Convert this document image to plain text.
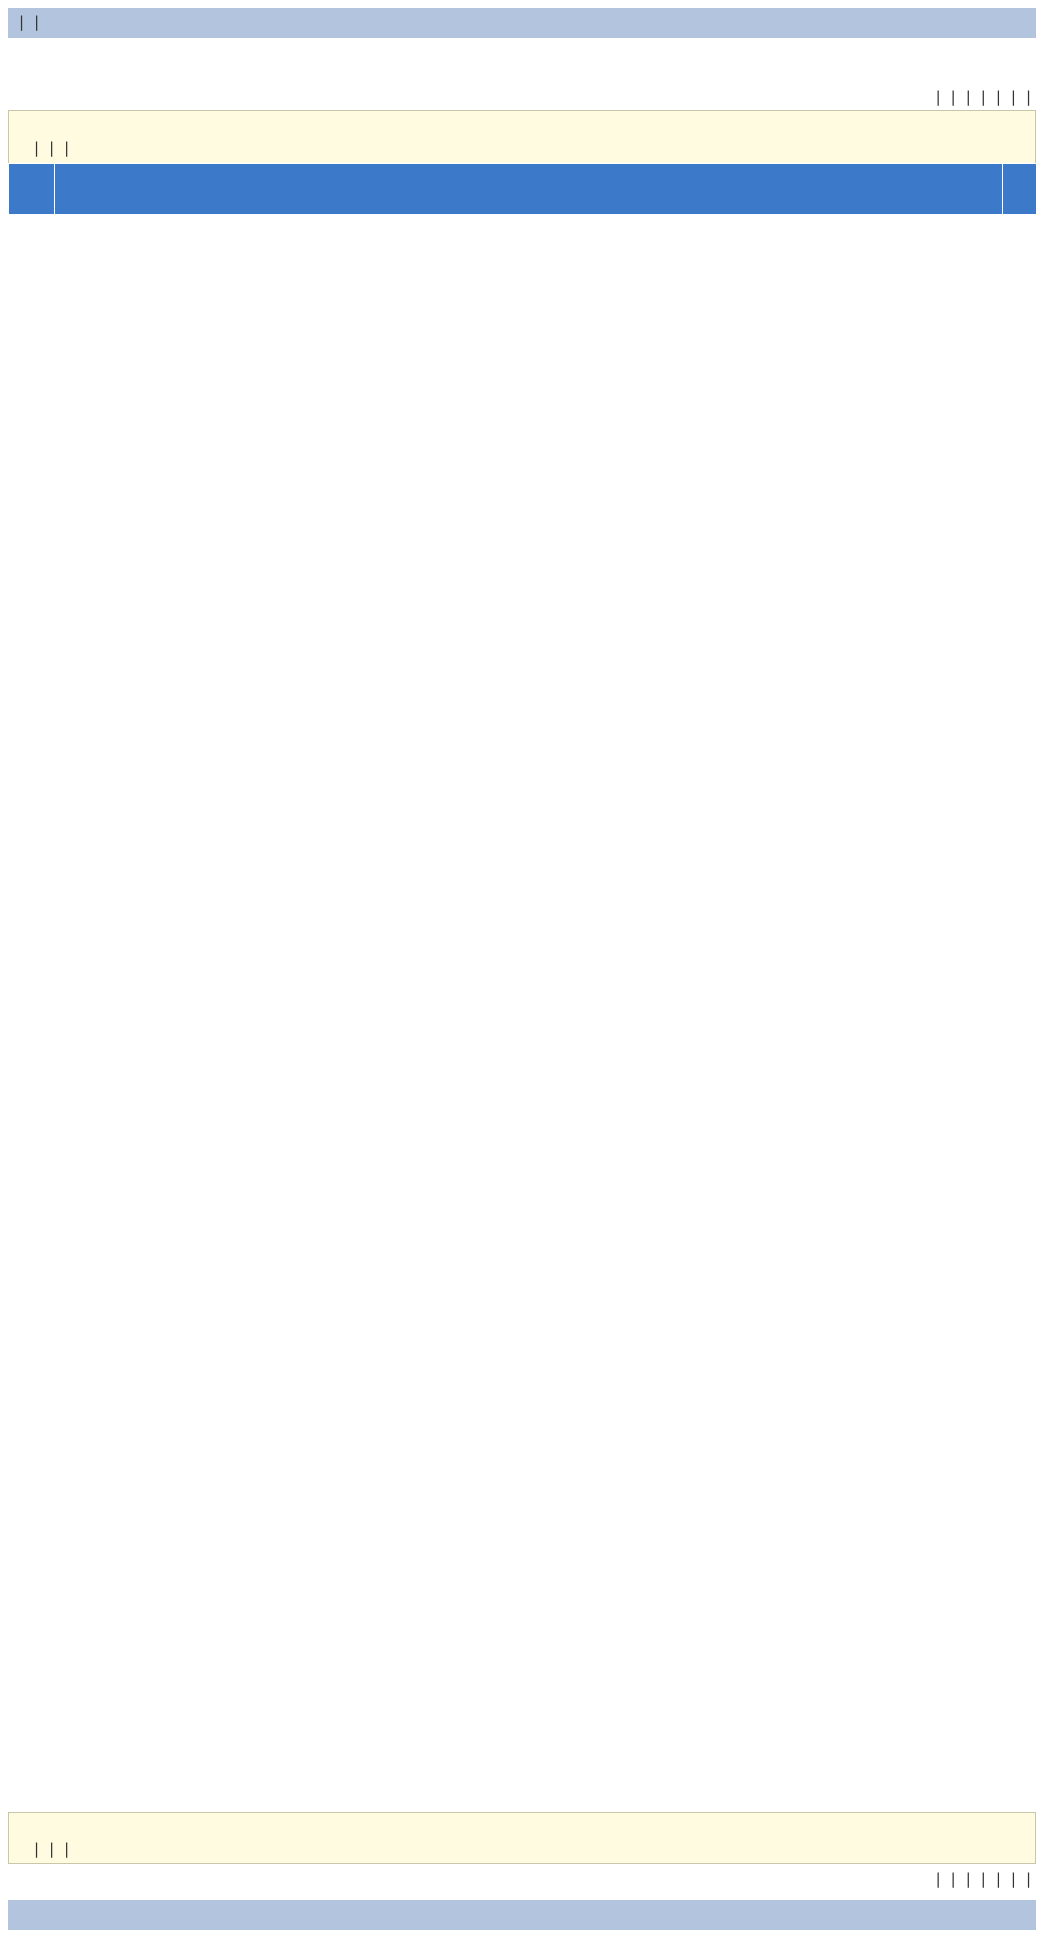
| |
| | | | | | |
| | |

| | |
| | | | | | |
